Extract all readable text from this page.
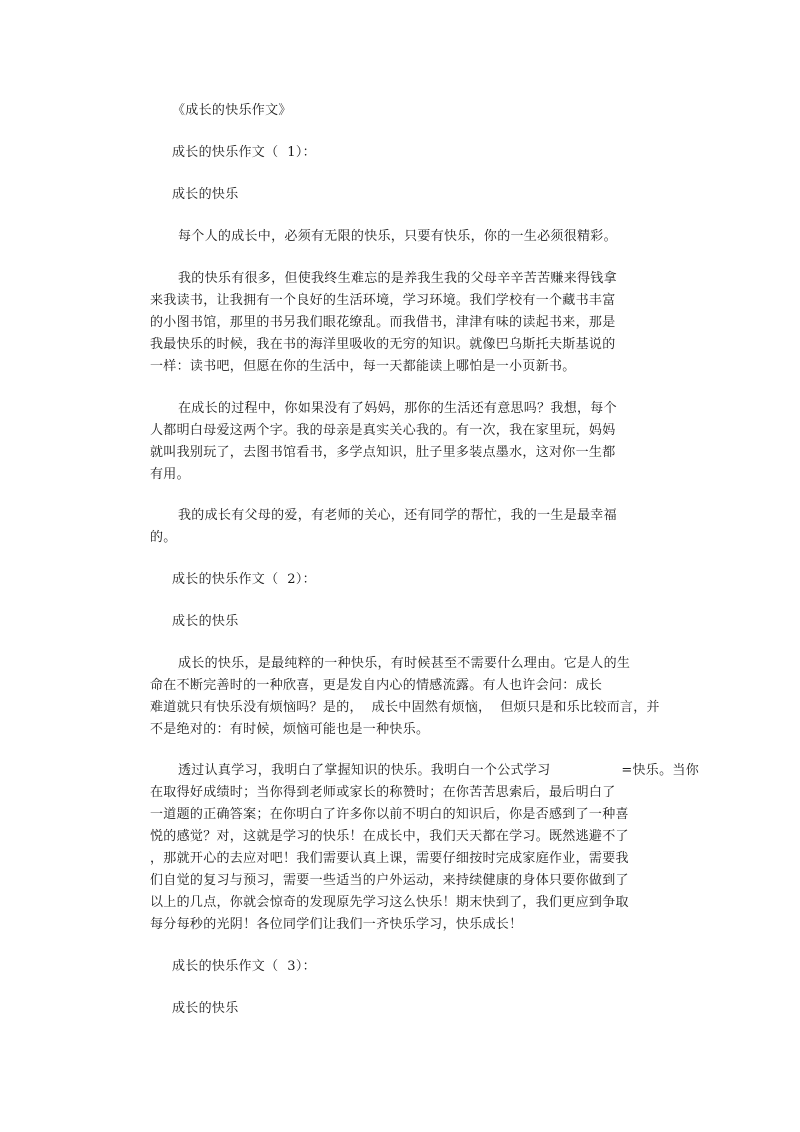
《成长的快乐作文》
成长的快乐作文（  1）：
成长的快乐
每个人的成长中，必须有无限的快乐，只要有快乐，你的一生必须很精彩。
我的快乐有很多，但使我终生难忘的是养我生我的父母辛辛苦苦赚来得钱拿
来我读书，让我拥有一个良好的生活环境，学习环境。我们学校有一个藏书丰富
的小图书馆，那里的书另我们眼花缭乱。而我借书，津津有味的读起书来，那是
我最快乐的时候，我在书的海洋里吸收的无穷的知识。就像巴乌斯托夫斯基说的
一样：读书吧，但愿在你的生活中，每一天都能读上哪怕是一小页新书。
在成长的过程中，你如果没有了妈妈，那你的生活还有意思吗？我想，每个
人都明白母爱这两个字。我的母亲是真实关心我的。有一次，我在家里玩，妈妈
就叫我别玩了，去图书馆看书，多学点知识，肚子里多装点墨水，这对你一生都
有用。
我的成长有父母的爱，有老师的关心，还有同学的帮忙，我的一生是最幸福
的。
成长的快乐作文（  2）：
成长的快乐
成长的快乐，是最纯粹的一种快乐，有时候甚至不需要什么理由。它是人的生
命在不断完善时的一种欣喜，更是发自内心的情感流露。有人也许会问：成长
难道就只有快乐没有烦恼吗？是的，  成长中固然有烦恼，  但烦只是和乐比较而言，并
不是绝对的：有时候，烦恼可能也是一种快乐。
透过认真学习，我明白了掌握知识的快乐。我明白一个公式学习                =快乐。当你
在取得好成绩时；当你得到老师或家长的称赞时；在你苦苦思索后，最后明白了
一道题的正确答案；在你明白了许多你以前不明白的知识后，你是否感到了一种喜
悦的感觉？对，这就是学习的快乐！在成长中，我们天天都在学习。既然逃避不了
，那就开心的去应对吧！我们需要认真上课，需要仔细按时完成家庭作业，需要我
们自觉的复习与预习，需要一些适当的户外运动，来持续健康的身体只要你做到了
以上的几点，你就会惊奇的发现原先学习这么快乐！期末快到了，我们更应到争取
每分每秒的光阴！各位同学们让我们一齐快乐学习，快乐成长！
成长的快乐作文（  3）：
成长的快乐
